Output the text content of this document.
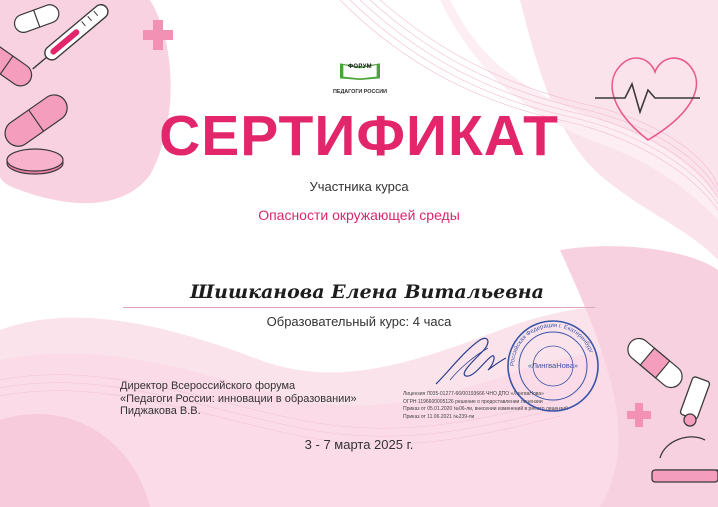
ФОРУМ
ПЕДАГОГИ РОССИИ
СЕРТИФИКАТ
Участника курса
Опасности окружающей среды
Шишканова Елена Витальевна
Образовательный курс: 4 часа
Директор Всероссийского форума
«Педагоги России: инновации в образовании»
Пиджакова В.В.
Лицензия Л035-01277-66/00193666 ЧНО ДПО «ЛингваНова»
ОГРН 1196600005126 решение о предоставлении лицензии
Приказ от 05.01.2020 №06-ли, внесении изменений в реестр лицензий
Приказ от 11.06.2021 №239-ли
«ЛингваНова»
Российская Федерация г. Екатеринбург
3 - 7 марта 2025 г.
